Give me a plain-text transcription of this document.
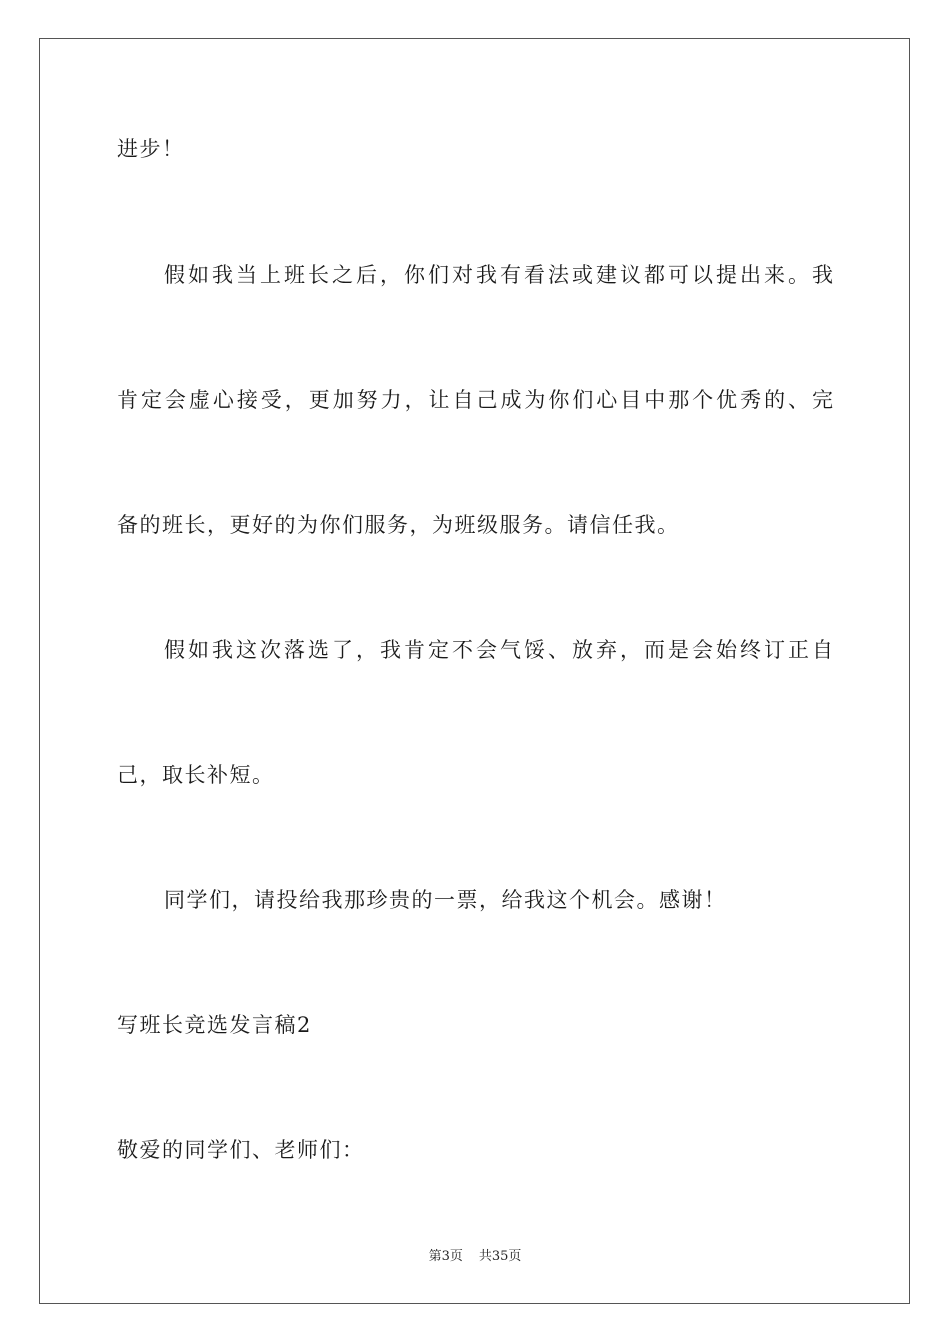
进步！
假如我当上班长之后，你们对我有看法或建议都可以提出来。我
肯定会虚心接受，更加努力，让自己成为你们心目中那个优秀的、完
备的班长，更好的为你们服务，为班级服务。请信任我。
假如我这次落选了，我肯定不会气馁、放弃，而是会始终订正自
己，取长补短。
同学们，请投给我那珍贵的一票，给我这个机会。感谢！
写班长竞选发言稿2
敬爱的同学们、老师们：
第3页 共35页
